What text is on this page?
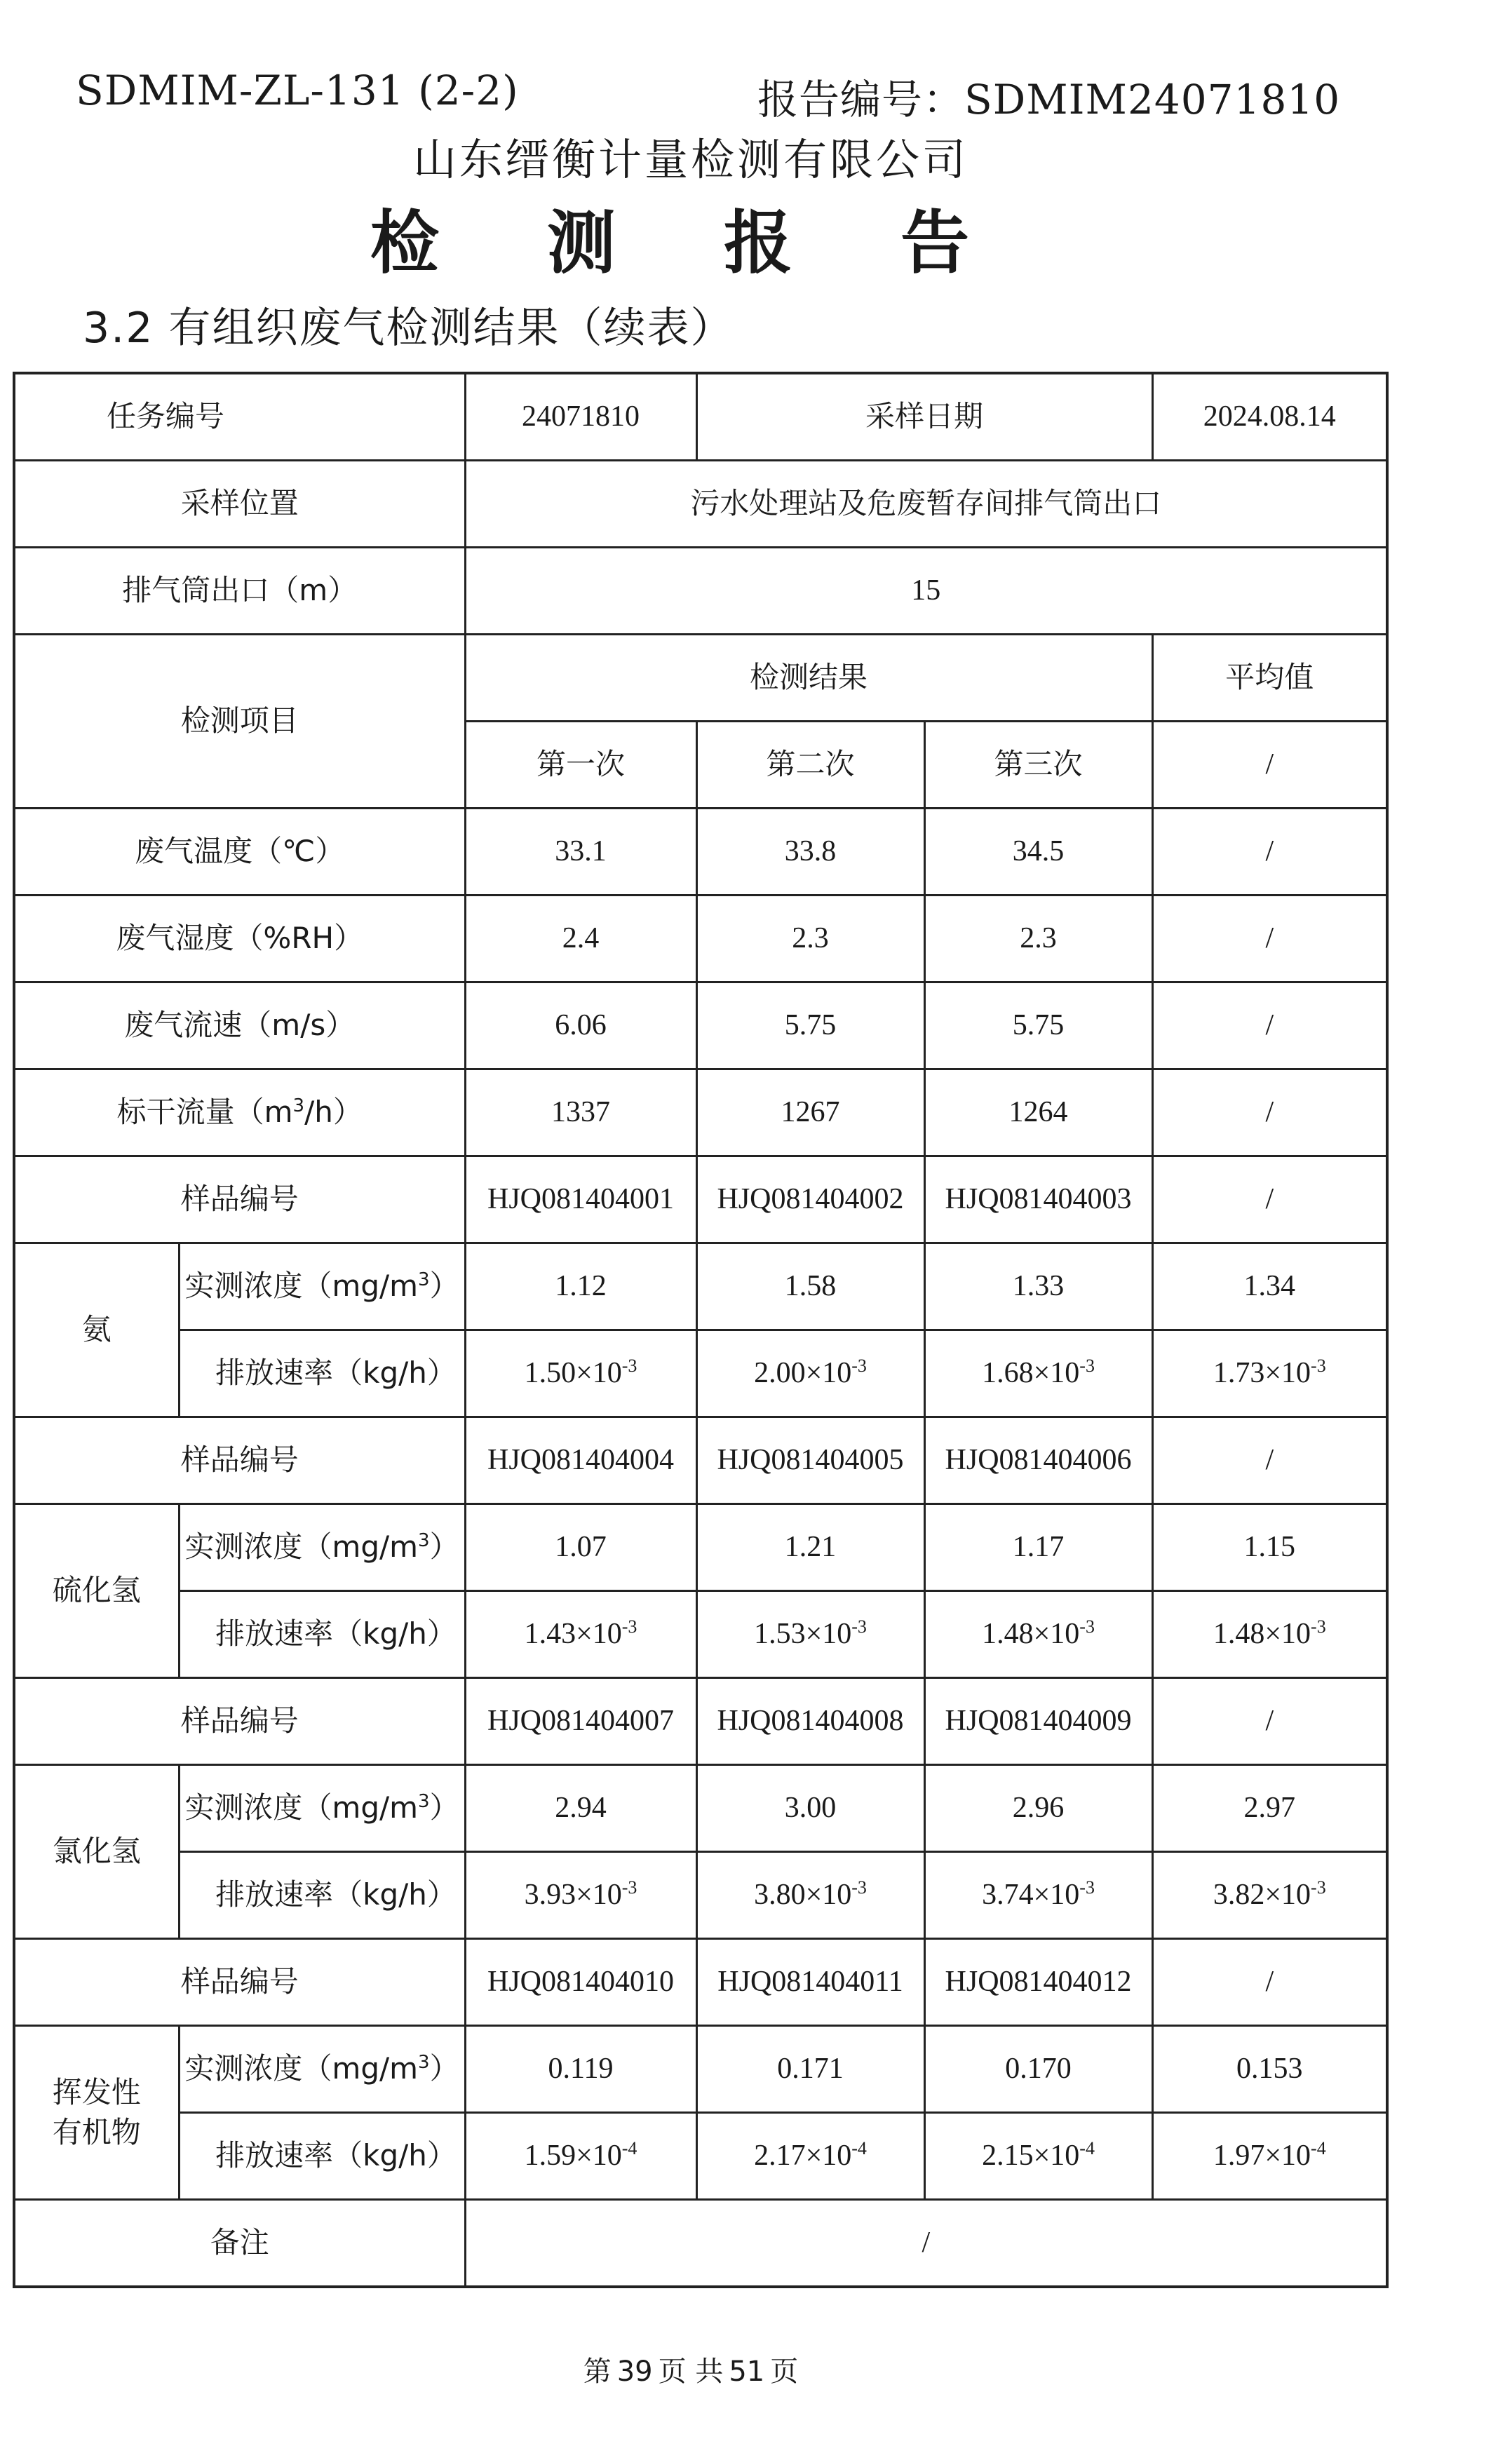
SDMIM-ZL-131 (2-2)	报告编号：SDMIM24071810
山东缙衡计量检测有限公司
检 测 报 告
3.2 有组织废气检测结果（续表）
任务编号		24071810	采样日期		2024.08.14
采样位置		污水处理站及危废暂存间排气筒出口			
排气筒出口（m）		15			
检测项目		检测结果			平均值
		第一次	第二次	第三次	/
废气温度（℃）		33.1	33.8	34.5	/
废气湿度（%RH）		2.4	2.3	2.3	/
废气流速（m/s）		6.06	5.75	5.75	/
标干流量$(m^3/h)$		1337	1267	1264	/
样品编号		HJQ081404001	HJQ081404002	HJQ081404003	/
氨	实测浓度$(mg/m^3)$	1.12	1.58	1.33	1.34
	排放速率（kg/h）	$1.50\times 10^{-3}$	$2.00\times 10^{-3}$	$1.68\times 10^{-3}$	$1.73\times 10^{-3}$
样品编号		HJQ081404004	HJQ081404005	HJQ081404006	/
硫化氢	实测浓度$(mg/m^3)$	1.07	1.21	1.17	1.15
	排放速率（kg/h）	$1.43\times 10^{-3}$	$1.53\times 10^{-3}$	$1.48\times 10^{-3}$	$1.48\times 10^{-3}$
样品编号		HJQ081404007	HJQ081404008	HJQ081404009	/
氯化氢	实测浓度$(mg/m^3)$	2.94	3.00	2.96	2.97
	排放速率（kg/h）	$3.93\times 10^{-3}$	$3.80\times 10^{-3}$	$3.74\times 10^{-3}$	$3.82\times 10^{-3}$
样品编号		HJQ081404010	HJQ081404011	HJQ081404012	/

挥发性
有机物	实测浓度$(mg/m^3)$	0.119	0.171	0.170	0.153
	排放速率（kg/h）	$1.59\times 10^{-4}$	$2.17\times 10^{-4}$	$2.15\times 10^{-4}$	$1.97\times 10^{-4}$
备注		/			
第 39 页 共 51 页
